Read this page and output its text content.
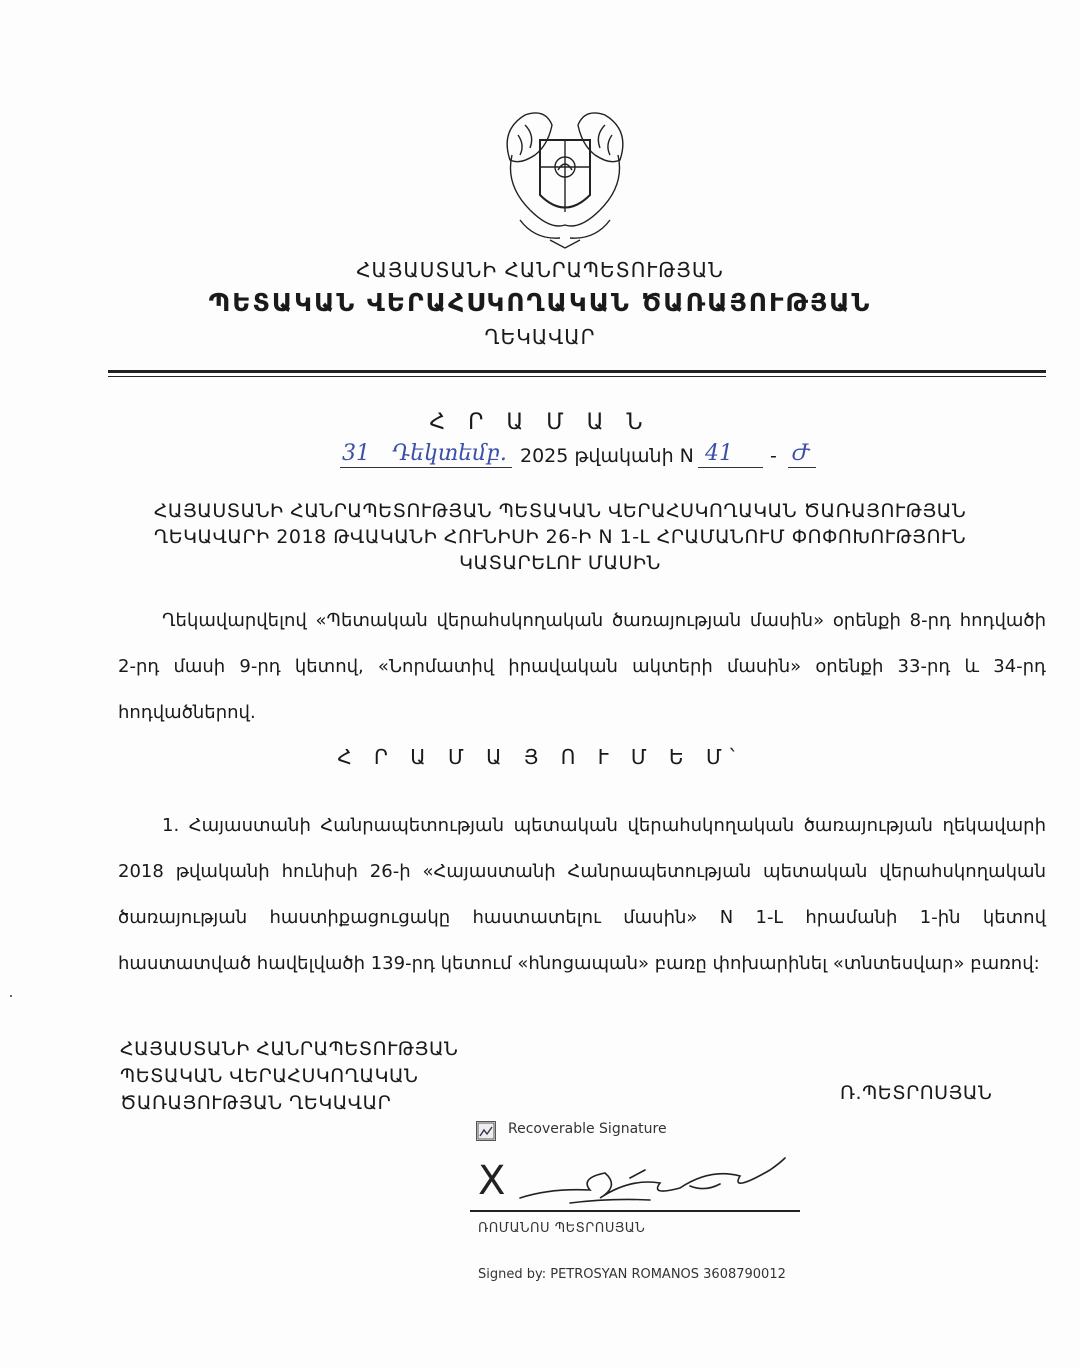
ՀԱՅԱՍՏԱՆԻ ՀԱՆՐԱՊԵՏՈՒԹՅԱՆ
ՊԵՏԱԿԱՆ ՎԵՐԱՀՍԿՈՂԱԿԱՆ ԾԱՌԱՅՈՒԹՅԱՆ
ՂԵԿԱՎԱՐ
Հ Ր Ա Մ Ա Ն
31 Դեկտեմբ. 2025 թվականի N 41 - Ժ
ՀԱՅԱՍՏԱՆԻ ՀԱՆՐԱՊԵՏՈՒԹՅԱՆ ՊԵՏԱԿԱՆ ՎԵՐԱՀՍԿՈՂԱԿԱՆ ԾԱՌԱՅՈՒԹՅԱՆ ՂԵԿԱՎԱՐԻ 2018 ԹՎԱԿԱՆԻ ՀՈՒՆԻՍԻ 26-Ի N 1-Լ ՀՐԱՄԱՆՈՒՄ ՓՈՓՈԽՈՒԹՅՈՒՆ ԿԱՏԱՐԵԼՈՒ ՄԱՍԻՆ
Ղեկավարվելով «Պետական վերահսկողական ծառայության մասին» օրենքի 8-րդ հոդվածի 2-րդ մասի 9-րդ կետով, «Նորմատիվ իրավական ակտերի մասին» օրենքի 33-րդ և 34-րդ հոդվածներով.
Հ Ր Ա Մ Ա Յ Ո Ւ Մ Ե Մ՝
1. Հայաստանի Հանրապետության պետական վերահսկողական ծառայության ղեկավարի 2018 թվականի հունիսի 26-ի «Հայաստանի Հանրապետության պետական վերահսկողական ծառայության հաստիքացուցակը հաստատելու մասին» N 1-Լ հրամանի 1-ին կետով հաստատված հավելվածի 139-րդ կետում «հնոցապան» բառը փոխարինել «տնտեսվար» բառով:
ՀԱՅԱՍՏԱՆԻ ՀԱՆՐԱՊԵՏՈՒԹՅԱՆ
ՊԵՏԱԿԱՆ ՎԵՐԱՀՍԿՈՂԱԿԱՆ
ԾԱՌԱՅՈՒԹՅԱՆ ՂԵԿԱՎԱՐ	Ռ.ՊԵՏՐՈՍՅԱՆ
Recoverable Signature
X
ՌՈՄԱՆՈՍ ՊԵՏՐՈՍՅԱՆ
Signed by: PETROSYAN ROMANOS 3608790012
